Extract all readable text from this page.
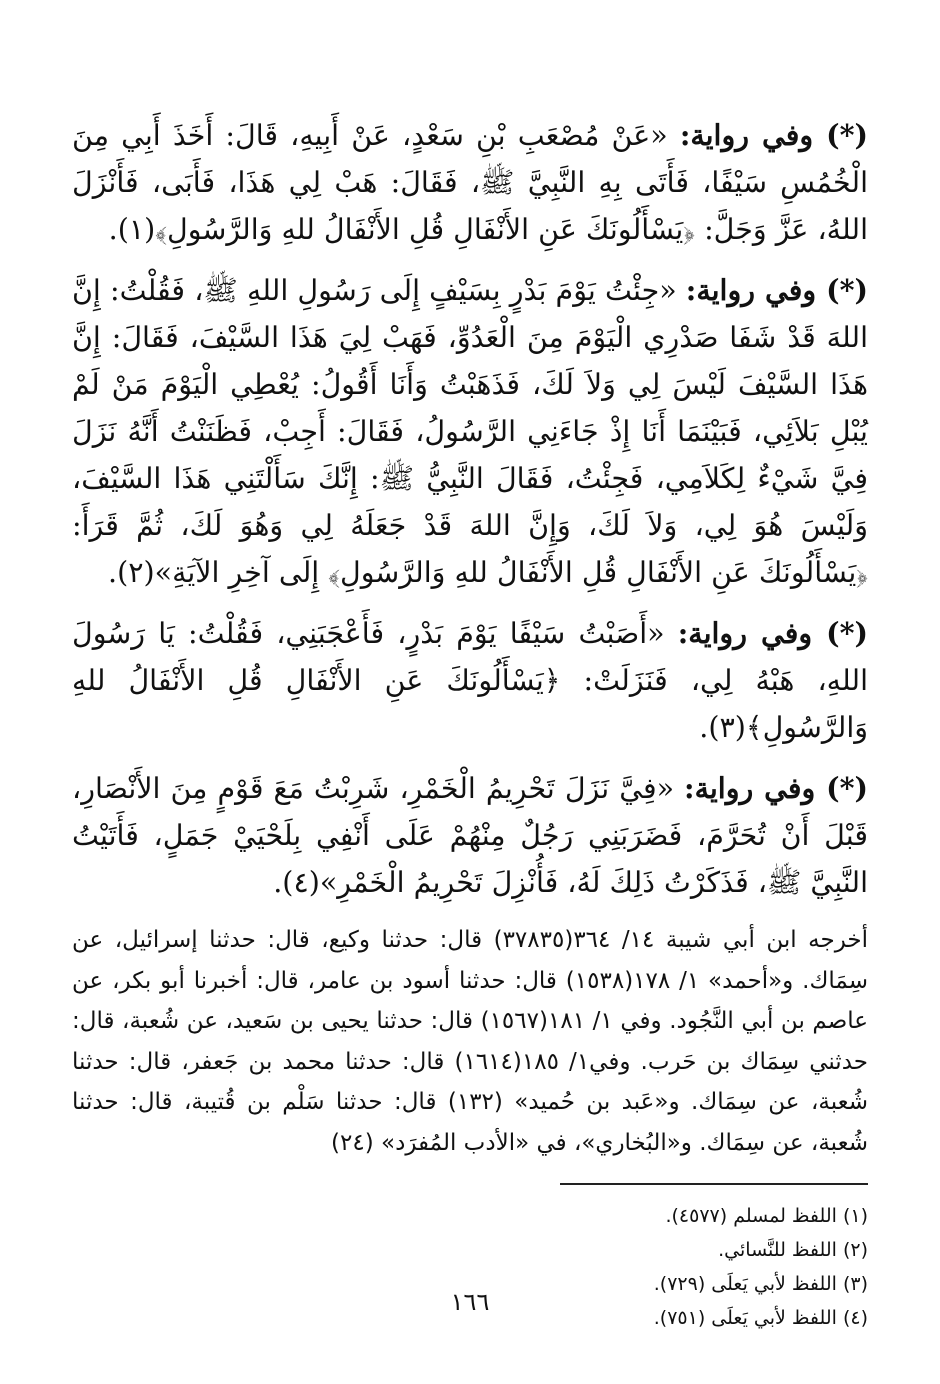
(*) وفي رواية: «عَنْ مُصْعَبِ بْنِ سَعْدٍ، عَنْ أَبِيهِ، قَالَ: أَخَذَ أَبِي مِنَ الْخُمُسِ سَيْفًا، فَأَتَى بِهِ النَّبِيَّ ﷺ، فَقَالَ: هَبْ لِي هَذَا، فَأَبَى، فَأَنْزَلَ اللهُ، عَزَّ وَجَلَّ: ﴿يَسْأَلُونَكَ عَنِ الأَنْفَالِ قُلِ الأَنْفَالُ للهِ وَالرَّسُولِ﴾(١).

(*) وفي رواية: «جِئْتُ يَوْمَ بَدْرٍ بِسَيْفٍ إِلَى رَسُولِ اللهِ ﷺ، فَقُلْتُ: إِنَّ اللهَ قَدْ شَفَا صَدْرِي الْيَوْمَ مِنَ الْعَدُوِّ، فَهَبْ لِيَ هَذَا السَّيْفَ، فَقَالَ: إِنَّ هَذَا السَّيْفَ لَيْسَ لِي وَلاَ لَكَ، فَذَهَبْتُ وَأَنَا أَقُولُ: يُعْطِي الْيَوْمَ مَنْ لَمْ يُبْلِ بَلاَئِي، فَبَيْنَمَا أَنَا إِذْ جَاءَنِي الرَّسُولُ، فَقَالَ: أَجِبْ، فَظَنَنْتُ أَنَّهُ نَزَلَ فِيَّ شَيْءٌ لِكَلاَمِي، فَجِئْتُ، فَقَالَ النَّبِيُّ ﷺ: إِنَّكَ سَأَلْتَنِي هَذَا السَّيْفَ، وَلَيْسَ هُوَ لِي، وَلاَ لَكَ، وَإِنَّ اللهَ قَدْ جَعَلَهُ لِي وَهُوَ لَكَ، ثُمَّ قَرَأَ: ﴿يَسْأَلُونَكَ عَنِ الأَنْفَالِ قُلِ الأَنْفَالُ للهِ وَالرَّسُولِ﴾ إِلَى آخِرِ الآيَةِ»(٢).

(*) وفي رواية: «أَصَبْتُ سَيْفًا يَوْمَ بَدْرٍ، فَأَعْجَبَنِي، فَقُلْتُ: يَا رَسُولَ اللهِ، هَبْهُ لِي، فَنَزَلَتْ: ﴿يَسْأَلُونَكَ عَنِ الأَنْفَالِ قُلِ الأَنْفَالُ للهِ وَالرَّسُولِ﴾(٣).

(*) وفي رواية: «فِيَّ نَزَلَ تَحْرِيمُ الْخَمْرِ، شَرِبْتُ مَعَ قَوْمٍ مِنَ الأَنْصَارِ، قَبْلَ أَنْ تُحَرَّمَ، فَضَرَبَنِي رَجُلٌ مِنْهُمْ عَلَى أَنْفِي بِلَحْيَيْ جَمَلٍ، فَأَتَيْتُ النَّبِيَّ ﷺ، فَذَكَرْتُ ذَلِكَ لَهُ، فَأُنْزِلَ تَحْرِيمُ الْخَمْرِ»(٤).

أخرجه ابن أبي شيبة ١٤/ ٣٦٤(٣٧٨٣٥) قال: حدثنا وكيع، قال: حدثنا إسرائيل، عن سِمَاك. و«أحمد» ١/ ١٧٨(١٥٣٨) قال: حدثنا أسود بن عامر، قال: أخبرنا أبو بكر، عن عاصم بن أبي النَّجُود. وفي ١/ ١٨١(١٥٦٧) قال: حدثنا يحيى بن سَعيد، عن شُعبة، قال: حدثني سِمَاك بن حَرب. وفي١/ ١٨٥(١٦١٤) قال: حدثنا محمد بن جَعفر، قال: حدثنا شُعبة، عن سِمَاك. و«عَبد بن حُميد» (١٣٢) قال: حدثنا سَلْم بن قُتيبة، قال: حدثنا شُعبة، عن سِمَاك. و«البُخاري»، في «الأدب المُفرَد» (٢٤)

(١) اللفظ لمسلم (٤٥٧٧).
(٢) اللفظ للنَّسائي.
(٣) اللفظ لأبي يَعلَى (٧٢٩).
(٤) اللفظ لأبي يَعلَى (٧٥١).
١٦٦
